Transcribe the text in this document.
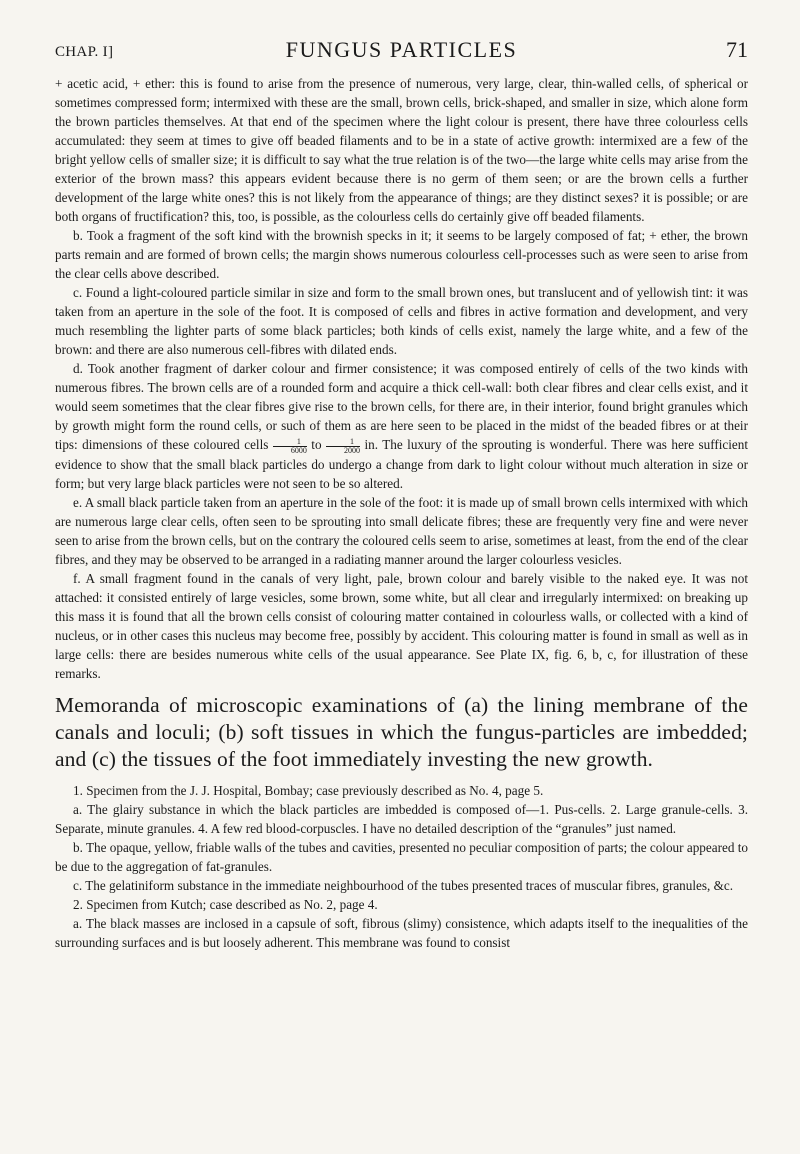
CHAP. I]	FUNGUS PARTICLES	71

+ acetic acid, + ether: this is found to arise from the presence of numerous, very large, clear, thin-walled cells, of spherical or sometimes compressed form; intermixed with these are the small, brown cells, brick-shaped, and smaller in size, which alone form the brown particles themselves. At that end of the specimen where the light colour is present, there have three colourless cells accumulated: they seem at times to give off beaded filaments and to be in a state of active growth: intermixed are a few of the bright yellow cells of smaller size; it is difficult to say what the true relation is of the two—the large white cells may arise from the exterior of the brown mass? this appears evident because there is no germ of them seen; or are the brown cells a further development of the large white ones? this is not likely from the appearance of things; are they distinct sexes? it is possible; or are both organs of fructification? this, too, is possible, as the colourless cells do certainly give off beaded filaments.

b. Took a fragment of the soft kind with the brownish specks in it; it seems to be largely composed of fat; + ether, the brown parts remain and are formed of brown cells; the margin shows numerous colourless cell-processes such as were seen to arise from the clear cells above described.

c. Found a light-coloured particle similar in size and form to the small brown ones, but translucent and of yellowish tint: it was taken from an aperture in the sole of the foot. It is composed of cells and fibres in active formation and development, and very much resembling the lighter parts of some black particles; both kinds of cells exist, namely the large white, and a few of the brown: and there are also numerous cell-fibres with dilated ends.

d. Took another fragment of darker colour and firmer consistence; it was composed entirely of cells of the two kinds with numerous fibres. The brown cells are of a rounded form and acquire a thick cell-wall: both clear fibres and clear cells exist, and it would seem sometimes that the clear fibres give rise to the brown cells, for there are, in their interior, found bright granules which by growth might form the round cells, or such of them as are here seen to be placed in the midst of the beaded fibres or at their tips: dimensions of these coloured cells $\frac{1}{6000}$ to $\frac{1}{2000}$ in. The luxury of the sprouting is wonderful. There was here sufficient evidence to show that the small black particles do undergo a change from dark to light colour without much alteration in size or form; but very large black particles were not seen to be so altered.

e. A small black particle taken from an aperture in the sole of the foot: it is made up of small brown cells intermixed with which are numerous large clear cells, often seen to be sprouting into small delicate fibres; these are frequently very fine and were never seen to arise from the brown cells, but on the contrary the coloured cells seem to arise, sometimes at least, from the end of the clear fibres, and they may be observed to be arranged in a radiating manner around the larger colourless vesicles.

f. A small fragment found in the canals of very light, pale, brown colour and barely visible to the naked eye. It was not attached: it consisted entirely of large vesicles, some brown, some white, but all clear and irregularly intermixed: on breaking up this mass it is found that all the brown cells consist of colouring matter contained in colourless walls, or collected with a kind of nucleus, or in other cases this nucleus may become free, possibly by accident. This colouring matter is found in small as well as in large cells: there are besides numerous white cells of the usual appearance. See Plate IX, fig. 6, b, c, for illustration of these remarks.

Memoranda of microscopic examinations of (a) the lining membrane of the canals and loculi; (b) soft tissues in which the fungus-particles are imbedded; and (c) the tissues of the foot immediately investing the new growth.

1. Specimen from the J. J. Hospital, Bombay; case previously described as No. 4, page 5.

a. The glairy substance in which the black particles are imbedded is composed of—1. Pus-cells. 2. Large granule-cells. 3. Separate, minute granules. 4. A few red blood-corpuscles. I have no detailed description of the “granules” just named.

b. The opaque, yellow, friable walls of the tubes and cavities, presented no peculiar composition of parts; the colour appeared to be due to the aggregation of fat-granules.

c. The gelatiniform substance in the immediate neighbourhood of the tubes presented traces of muscular fibres, granules, &c.

2. Specimen from Kutch; case described as No. 2, page 4.

a. The black masses are inclosed in a capsule of soft, fibrous (slimy) consistence, which adapts itself to the inequalities of the surrounding surfaces and is but loosely adherent. This membrane was found to consist
